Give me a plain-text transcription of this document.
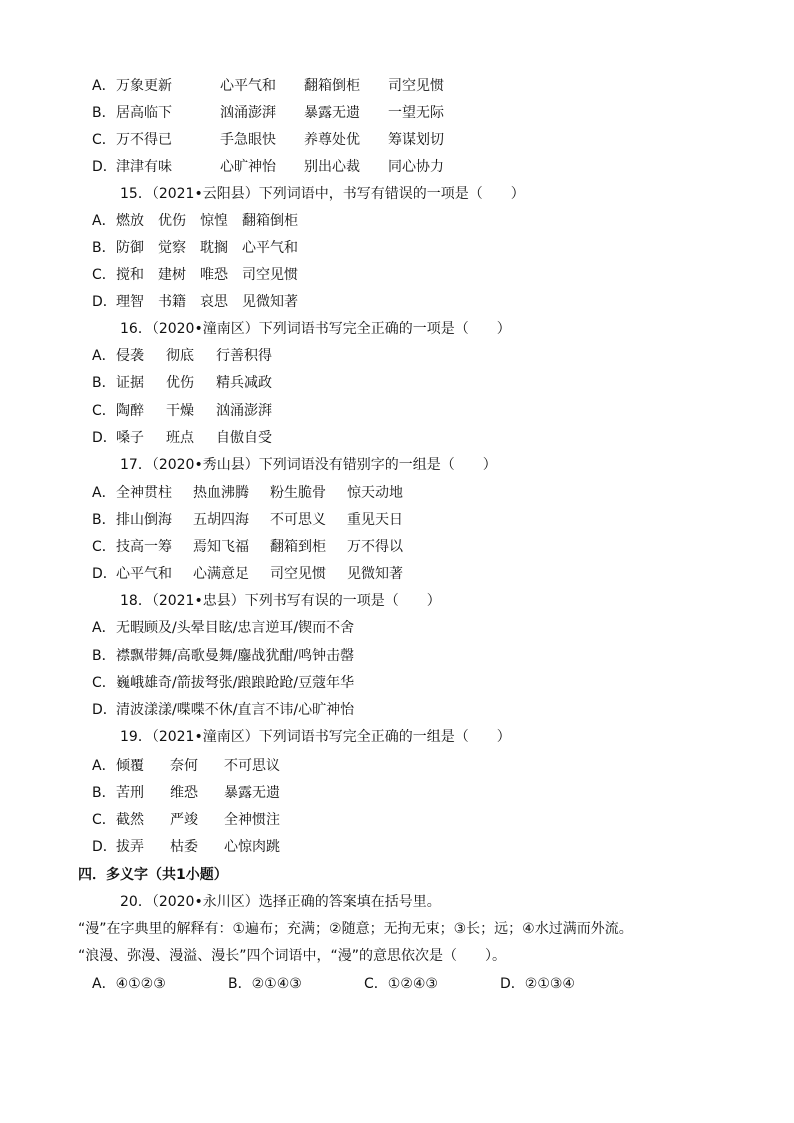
A．万象更新	心平气和 翻箱倒柜 司空见惯
B．居高临下	汹涌澎湃 暴露无遗 一望无际
C．万不得已	手急眼快 养尊处优 筹谋划切
D．津津有味	心旷神怡 别出心裁 同心协力
15．（2021•云阳县）下列词语中，书写有错误的一项是（　　）
A．燃放 优伤 惊惶 翻箱倒柜
B．防御 觉察 耽搁 心平气和
C．搅和 建树 唯恐 司空见惯
D．理智 书籍 哀思 见微知著
16．（2020•潼南区）下列词语书写完全正确的一项是（　　）
A．侵袭 彻底 行善积得
B．证据 优伤 精兵减政
C．陶醉 干燥 汹涌澎湃
D．嗓子 班点 自傲自受
17．（2020•秀山县）下列词语没有错别字的一组是（　　）
A．全神贯柱 热血沸腾 粉生脆骨 惊天动地
B．排山倒海 五胡四海 不可思义 重见天日
C．技高一筹 焉知飞福 翻箱到柜 万不得以
D．心平气和 心满意足 司空见惯 见微知著
18．（2021•忠县）下列书写有误的一项是（　　）
A．无暇顾及/头晕目眩/忠言逆耳/锲而不舍
B．襟飘带舞/高歌曼舞/鏖战犹酣/鸣钟击罄
C．巍峨雄奇/箭拔弩张/踉踉跄跄/豆蔻年华
D．清波漾漾/喋喋不休/直言不讳/心旷神怡
19．（2021•潼南区）下列词语书写完全正确的一组是（　　）
A．倾覆 奈何 不可思议
B．苦刑 维恐 暴露无遗
C．截然 严竣 全神惯注
D．拔弄 枯委 心惊肉跳
四．多义字（共1小题）
20．（2020•永川区）选择正确的答案填在括号里。
“漫”在字典里的解释有：①遍布；充满；②随意；无拘无束；③长；远；④水过满而外流。
“浪漫、弥漫、漫溢、漫长”四个词语中，“漫”的意思依次是（　　）。
A．④①②③	B．②①④③	C．①②④③	D．②①③④
